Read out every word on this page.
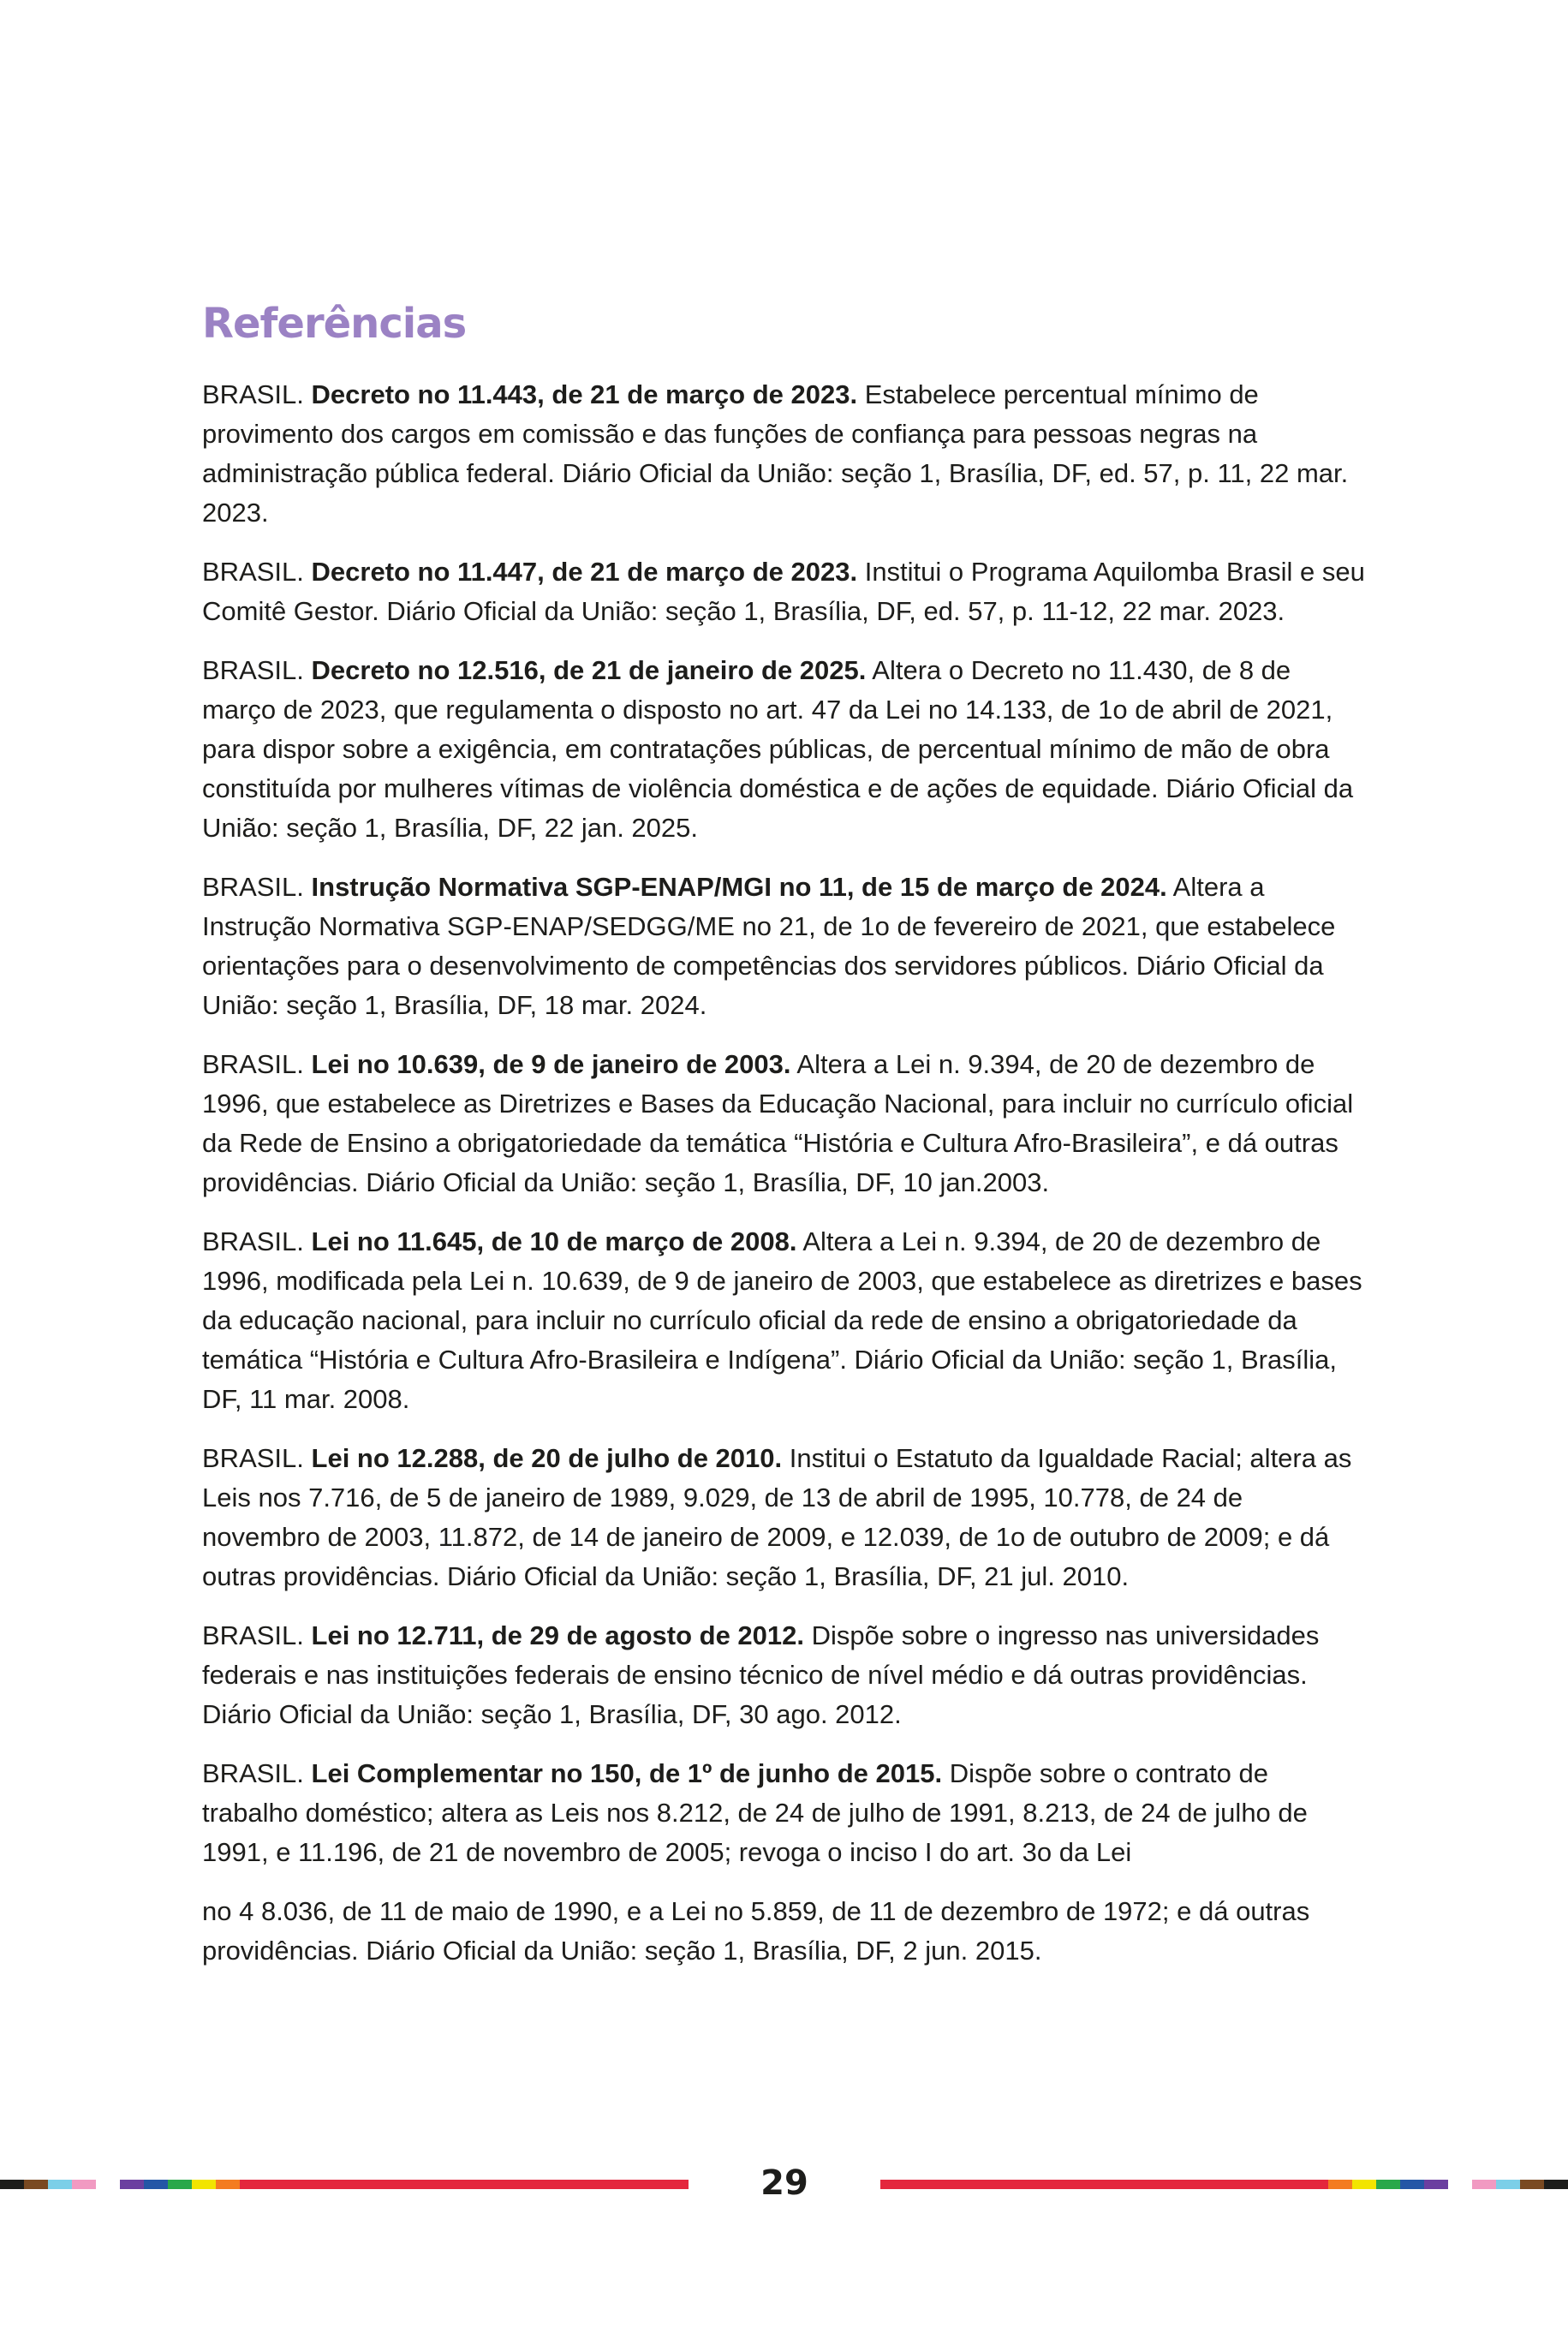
Referências

BRASIL. Decreto no 11.443, de 21 de março de 2023. Estabelece percentual mínimo de provimento dos cargos em comissão e das funções de confiança para pessoas negras na administração pública federal. Diário Oficial da União: seção 1, Brasília, DF, ed. 57, p. 11, 22 mar. 2023.

BRASIL. Decreto no 11.447, de 21 de março de 2023. Institui o Programa Aquilomba Brasil e seu Comitê Gestor. Diário Oficial da União: seção 1, Brasília, DF, ed. 57, p. 11-12, 22 mar. 2023.

BRASIL. Decreto no 12.516, de 21 de janeiro de 2025. Altera o Decreto no 11.430, de 8 de março de 2023, que regulamenta o disposto no art. 47 da Lei no 14.133, de 1o de abril de 2021, para dispor sobre a exigência, em contratações públicas, de percentual mínimo de mão de obra constituída por mulheres vítimas de violência doméstica e de ações de equidade. Diário Oficial da União: seção 1, Brasília, DF, 22 jan. 2025.

BRASIL. Instrução Normativa SGP-ENAP/MGI no 11, de 15 de março de 2024. Altera a Instrução Normativa SGP-ENAP/SEDGG/ME no 21, de 1o de fevereiro de 2021, que estabelece orientações para o desenvolvimento de competências dos servidores públicos. Diário Oficial da União: seção 1, Brasília, DF, 18 mar. 2024.

BRASIL. Lei no 10.639, de 9 de janeiro de 2003. Altera a Lei n. 9.394, de 20 de dezembro de 1996, que estabelece as Diretrizes e Bases da Educação Nacional, para incluir no currículo oficial da Rede de Ensino a obrigatoriedade da temática “História e Cultura Afro-Brasileira”, e dá outras providências. Diário Oficial da União: seção 1, Brasília, DF, 10 jan.2003.

BRASIL. Lei no 11.645, de 10 de março de 2008. Altera a Lei n. 9.394, de 20 de dezembro de 1996, modificada pela Lei n. 10.639, de 9 de janeiro de 2003, que estabelece as diretrizes e bases da educação nacional, para incluir no currículo oficial da rede de ensino a obrigatoriedade da temática “História e Cultura Afro-Brasileira e Indígena”. Diário Oficial da União: seção 1, Brasília, DF, 11 mar. 2008.

BRASIL. Lei no 12.288, de 20 de julho de 2010. Institui o Estatuto da Igualdade Racial; altera as Leis nos 7.716, de 5 de janeiro de 1989, 9.029, de 13 de abril de 1995, 10.778, de 24 de novembro de 2003, 11.872, de 14 de janeiro de 2009, e 12.039, de 1o de outubro de 2009; e dá outras providências. Diário Oficial da União: seção 1, Brasília, DF, 21 jul. 2010.

BRASIL. Lei no 12.711, de 29 de agosto de 2012. Dispõe sobre o ingresso nas universidades federais e nas instituições federais de ensino técnico de nível médio e dá outras providências. Diário Oficial da União: seção 1, Brasília, DF, 30 ago. 2012.

BRASIL. Lei Complementar no 150, de 1º de junho de 2015. Dispõe sobre o contrato de trabalho doméstico; altera as Leis nos 8.212, de 24 de julho de 1991, 8.213, de 24 de julho de 1991, e 11.196, de 21 de novembro de 2005; revoga o inciso I do art. 3o da Lei

no 4 8.036, de 11 de maio de 1990, e a Lei no 5.859, de 11 de dezembro de 1972; e dá outras providências. Diário Oficial da União: seção 1, Brasília, DF, 2 jun. 2015.

29
